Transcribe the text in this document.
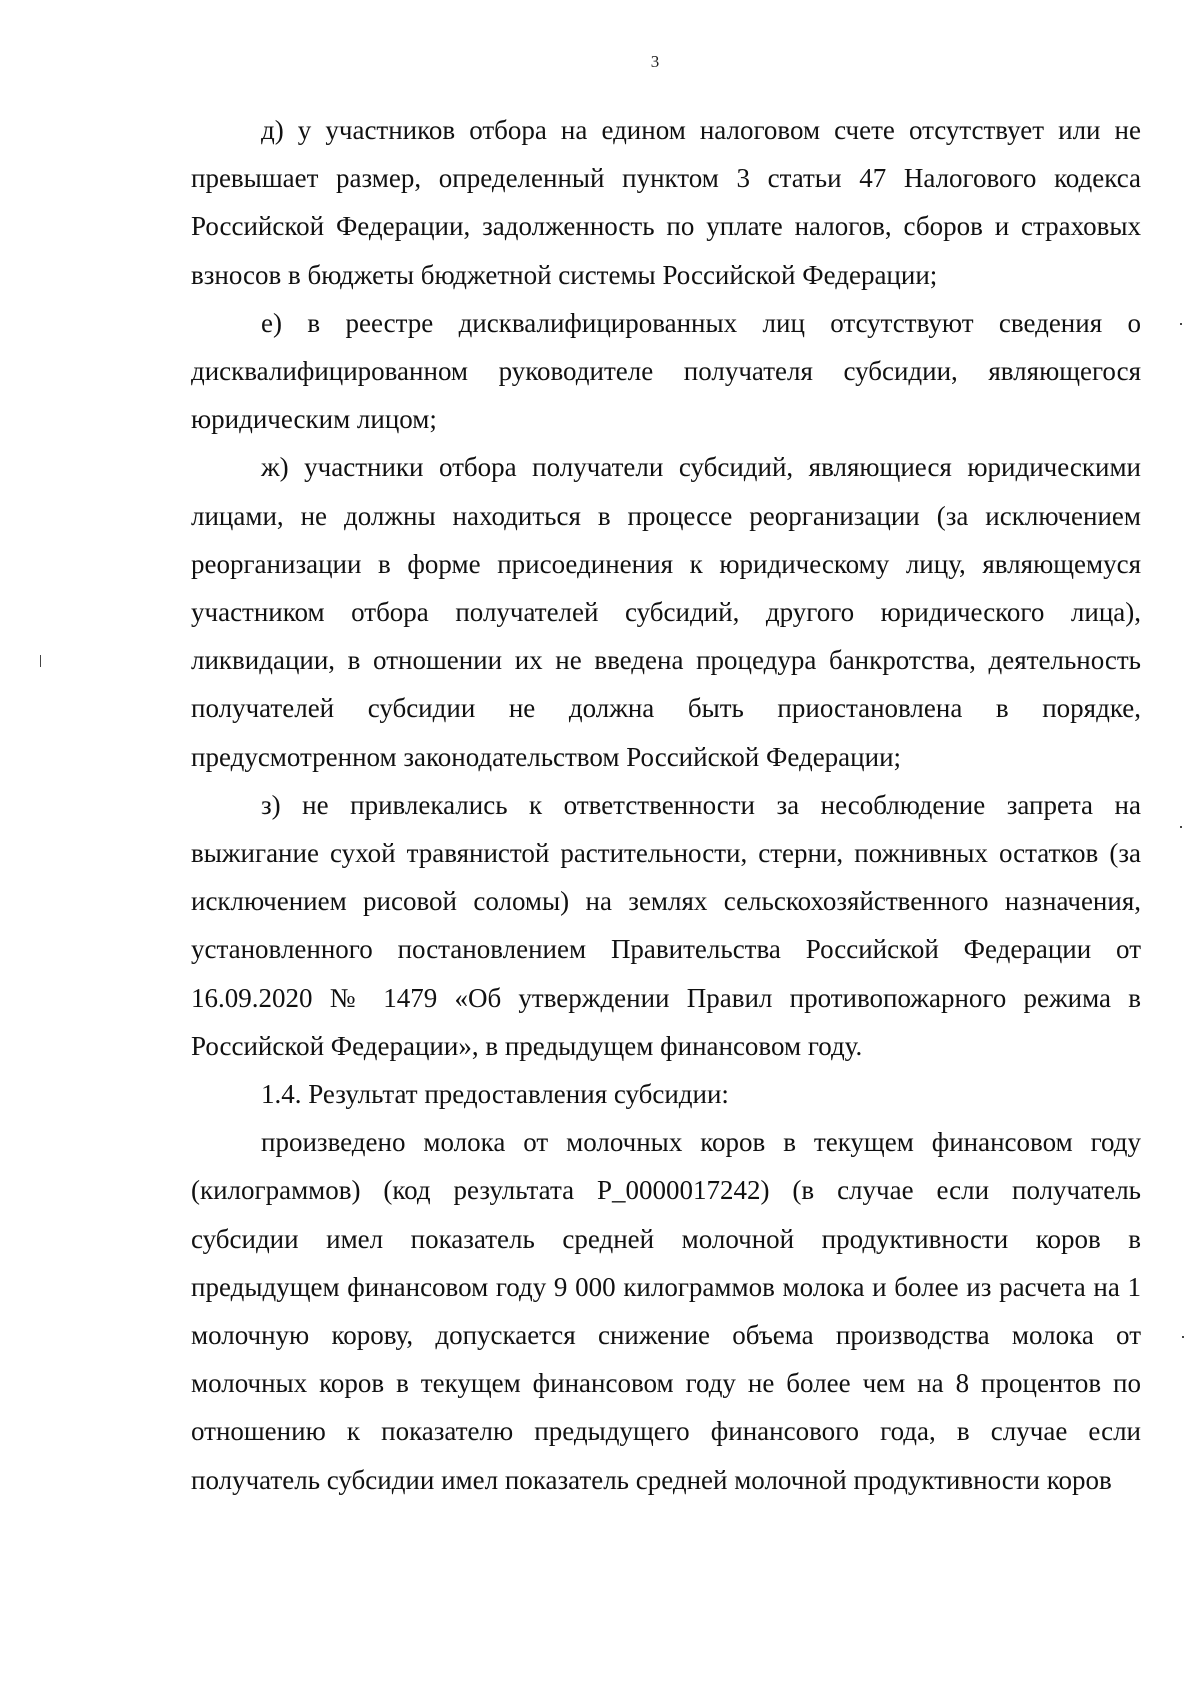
3

д) у участников отбора на едином налоговом счете отсутствует или не превышает размер, определенный пунктом 3 статьи 47 Налогового кодекса Российской Федерации, задолженность по уплате налогов, сборов и страховых взносов в бюджеты бюджетной системы Российской Федерации;

е) в реестре дисквалифицированных лиц отсутствуют сведения о дисквалифицированном руководителе получателя субсидии, являющегося юридическим лицом;

ж) участники отбора получатели субсидий, являющиеся юридическими лицами, не должны находиться в процессе реорганизации (за исключением реорганизации в форме присоединения к юридическому лицу, являющемуся участником отбора получателей субсидий, другого юридического лица), ликвидации, в отношении их не введена процедура банкротства, деятельность получателей субсидии не должна быть приостановлена в порядке, предусмотренном законодательством Российской Федерации;

з) не привлекались к ответственности за несоблюдение запрета на выжигание сухой травянистой растительности, стерни, пожнивных остатков (за исключением рисовой соломы) на землях сельскохозяйственного назначения, установленного постановлением Правительства Российской Федерации от 16.09.2020 № 1479 «Об утверждении Правил противопожарного режима в Российской Федерации», в предыдущем финансовом году.

1.4. Результат предоставления субсидии:

произведено молока от молочных коров в текущем финансовом году (килограммов) (код результата Р_0000017242) (в случае если получатель субсидии имел показатель средней молочной продуктивности коров в предыдущем финансовом году 9 000 килограммов молока и более из расчета на 1 молочную корову, допускается снижение объема производства молока от молочных коров в текущем финансовом году не более чем на 8 процентов по отношению к показателю предыдущего финансового года, в случае если получатель субсидии имел показатель средней молочной продуктивности коров
